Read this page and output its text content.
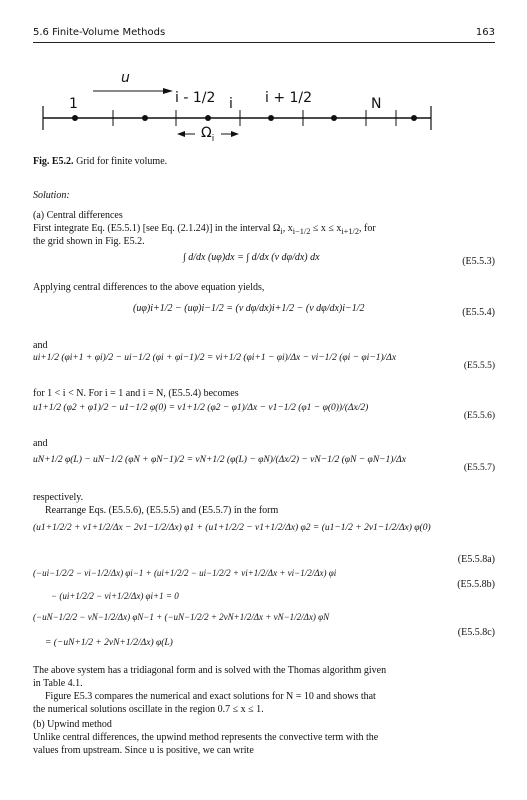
5.6 Finite-Volume Methods	163
u
1	i - 1/2 i i + 1/2	N
$\Omega_i$
Fig. E5.2. Grid for finite volume.
Solution:
(a) Central differences
First integrate Eq. (E5.5.1) [see Eq. (2.1.24)] in the interval $\Omega_i$, $x_{i-1/2} \le x \le x_{i+1/2}$, for
the grid shown in Fig. E5.2.
∫ d/dx (uφ)dx = ∫ d/dx (ν dφ/dx) dx	(E5.5.3)
Applying central differences to the above equation yields,
(uφ)i+1/2 − (uφ)i−1/2 = (ν dφ/dx)i+1/2 − (ν dφ/dx)i−1/2	(E5.5.4)
and
ui+1/2 (φi+1 + φi)/2 − ui−1/2 (φi + φi−1)/2 = νi+1/2 (φi+1 − φi)/Δx − νi−1/2 (φi − φi−1)/Δx
(E5.5.5)
for 1 < i < N. For i = 1 and i = N, (E5.5.4) becomes
u1+1/2 (φ2 + φ1)/2 − u1−1/2 φ(0) = ν1+1/2 (φ2 − φ1)/Δx − ν1−1/2 (φ1 − φ(0))/(Δx/2)
(E5.5.6)
and
uN+1/2 φ(L) − uN−1/2 (φN + φN−1)/2 = νN+1/2 (φ(L) − φN)/(Δx/2) − νN−1/2 (φN − φN−1)/Δx
(E5.5.7)
respectively.
Rearrange Eqs. (E5.5.6), (E5.5.5) and (E5.5.7) in the form
(u1+1/2/2 + ν1+1/2/Δx − 2ν1−1/2/Δx) φ1 + (u1+1/2/2 − ν1+1/2/Δx) φ2 = (u1−1/2 + 2ν1−1/2/Δx) φ(0)
(E5.5.8a)
(−ui−1/2/2 − νi−1/2/Δx) φi−1 + (ui+1/2/2 − ui−1/2/2 + νi+1/2/Δx + νi−1/2/Δx) φi
(E5.5.8b)
− (ui+1/2/2 − νi+1/2/Δx) φi+1 = 0
(−uN−1/2/2 − νN−1/2/Δx) φN−1 + (−uN−1/2/2 + 2νN+1/2/Δx + νN−1/2/Δx) φN
(E5.5.8c)
= (−uN+1/2 + 2νN+1/2/Δx) φ(L)

The above system has a tridiagonal form and is solved with the Thomas algorithm given

in Table 4.1.

Figure E5.3 compares the numerical and exact solutions for N = 10 and shows that

the numerical solutions oscillate in the region 0.7 ≤ x ≤ 1.

(b) Upwind method

Unlike central differences, the upwind method represents the convective term with the

values from upstream. Since u is positive, we can write
